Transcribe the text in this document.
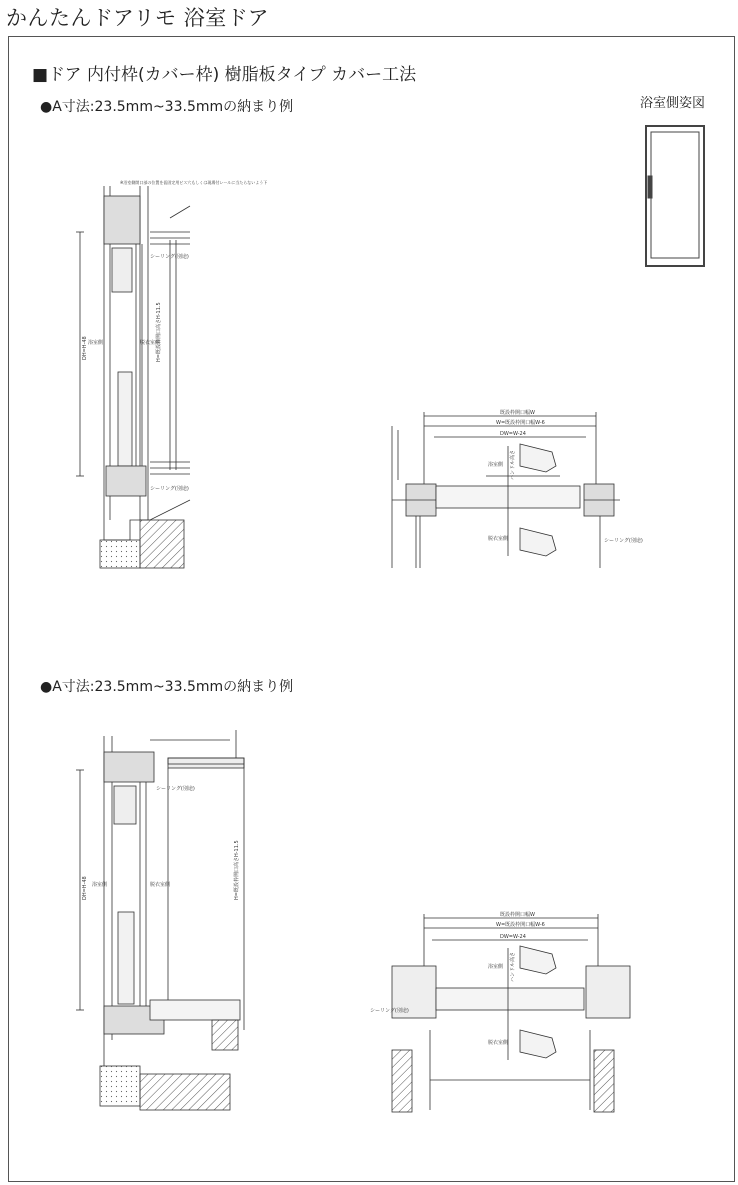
かんたんドアリモ 浴室ドア
■ドア 内付枠(カバー枠) 樹脂板タイプ カバー工法
●A寸法:23.5mm~33.5mmの納まり例
●A寸法:23.5mm~33.5mmの納まり例
浴室側姿図
DH=H-48	H=既設枠開口高さH-11.5
浴室側	脱衣室側
シーリング(別途)
シーリング(別途)
※浴室側開口部の位置を仮固定用ビス穴もしくは現場付レールに当たらないよう下
既設枠開口幅W
W=既設枠開口幅W-6
DW=W-24
浴室側
脱衣室側	シーリング(別途)
ハンドル高さ
DH=H-48	H=既設枠開口高さH-11.5
浴室側	脱衣室側
シーリング(別途)
既設枠開口幅W
W=既設枠開口幅W-6
DW=W-24
浴室側
脱衣室側
シーリング(別途)
ハンドル高さ
